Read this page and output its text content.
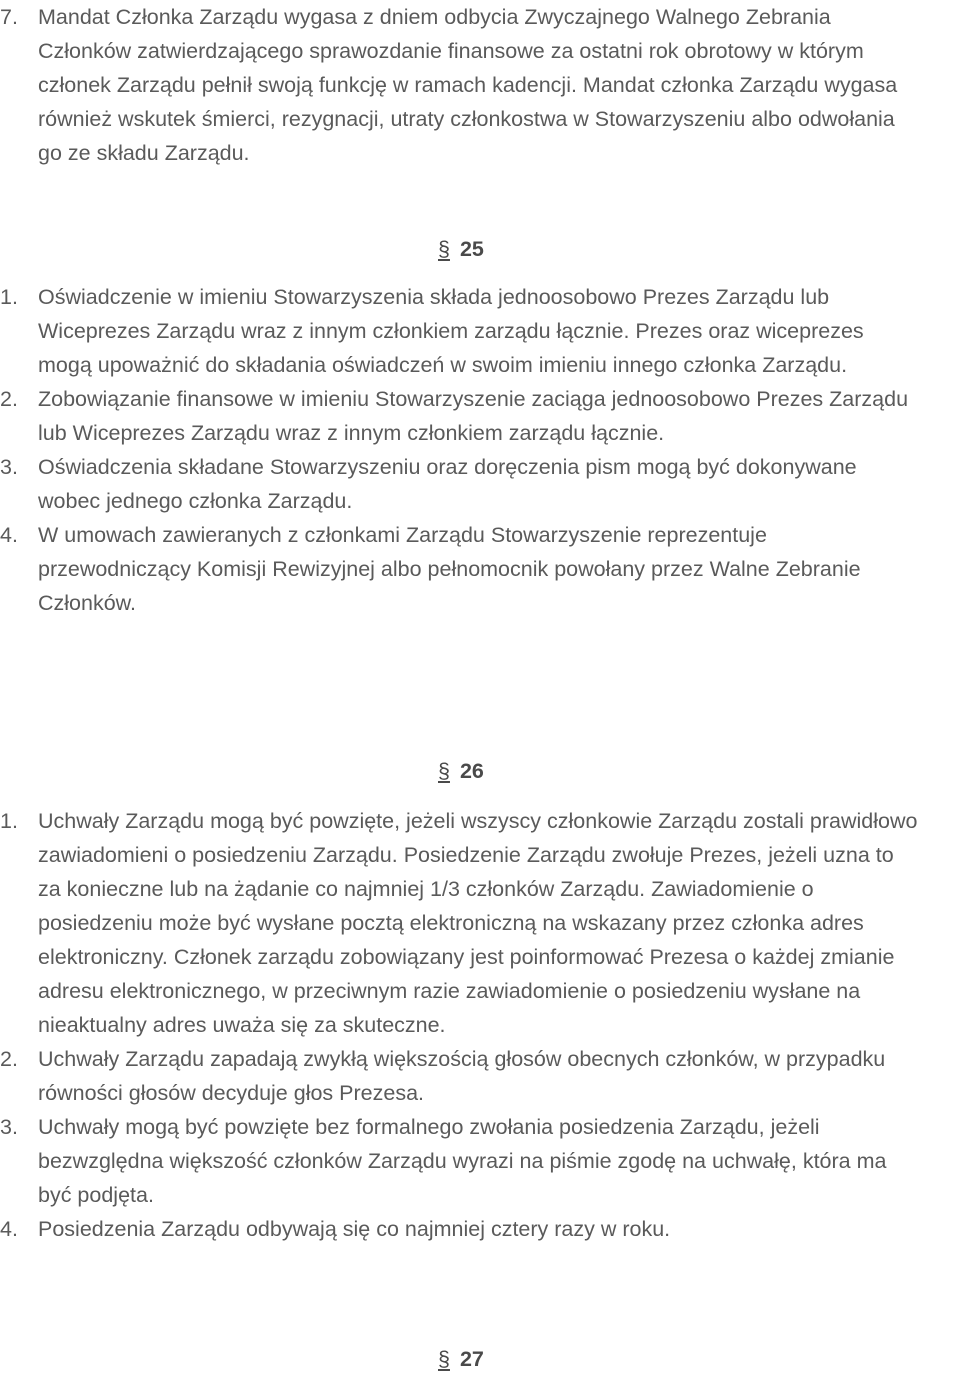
7. Mandat Członka Zarządu wygasa z dniem odbycia Zwyczajnego Walnego Zebrania Członków zatwierdzającego sprawozdanie finansowe za ostatni rok obrotowy w którym członek Zarządu pełnił swoją funkcję w ramach kadencji. Mandat członka Zarządu wygasa również wskutek śmierci, rezygnacji, utraty członkostwa w Stowarzyszeniu albo odwołania go ze składu Zarządu.
§ 25
1. Oświadczenie w imieniu Stowarzyszenia składa jednoosobowo Prezes Zarządu lub Wiceprezes Zarządu wraz z innym członkiem zarządu łącznie. Prezes oraz wiceprezes mogą upoważnić do składania oświadczeń w swoim imieniu innego członka Zarządu.
2. Zobowiązanie finansowe w imieniu Stowarzyszenie zaciąga jednoosobowo Prezes Zarządu lub Wiceprezes Zarządu wraz z innym członkiem zarządu łącznie.
3. Oświadczenia składane Stowarzyszeniu oraz doręczenia pism mogą być dokonywane wobec jednego członka Zarządu.
4. W umowach zawieranych z członkami Zarządu Stowarzyszenie reprezentuje przewodniczący Komisji Rewizyjnej albo pełnomocnik powołany przez Walne Zebranie Członków.
§ 26
1. Uchwały Zarządu mogą być powzięte, jeżeli wszyscy członkowie Zarządu zostali prawidłowo zawiadomieni o posiedzeniu Zarządu. Posiedzenie Zarządu zwołuje Prezes, jeżeli uzna to za konieczne lub na żądanie co najmniej 1/3 członków Zarządu. Zawiadomienie o posiedzeniu może być wysłane pocztą elektroniczną na wskazany przez członka adres elektroniczny. Członek zarządu zobowiązany jest poinformować Prezesa o każdej zmianie adresu elektronicznego, w przeciwnym razie zawiadomienie o posiedzeniu wysłane na nieaktualny adres uważa się za skuteczne.
2. Uchwały Zarządu zapadają zwykłą większością głosów obecnych członków, w przypadku równości głosów decyduje głos Prezesa.
3. Uchwały mogą być powzięte bez formalnego zwołania posiedzenia Zarządu, jeżeli bezwzględna większość członków Zarządu wyrazi na piśmie zgodę na uchwałę, która ma być podjęta.
4. Posiedzenia Zarządu odbywają się co najmniej cztery razy w roku.
§ 27
